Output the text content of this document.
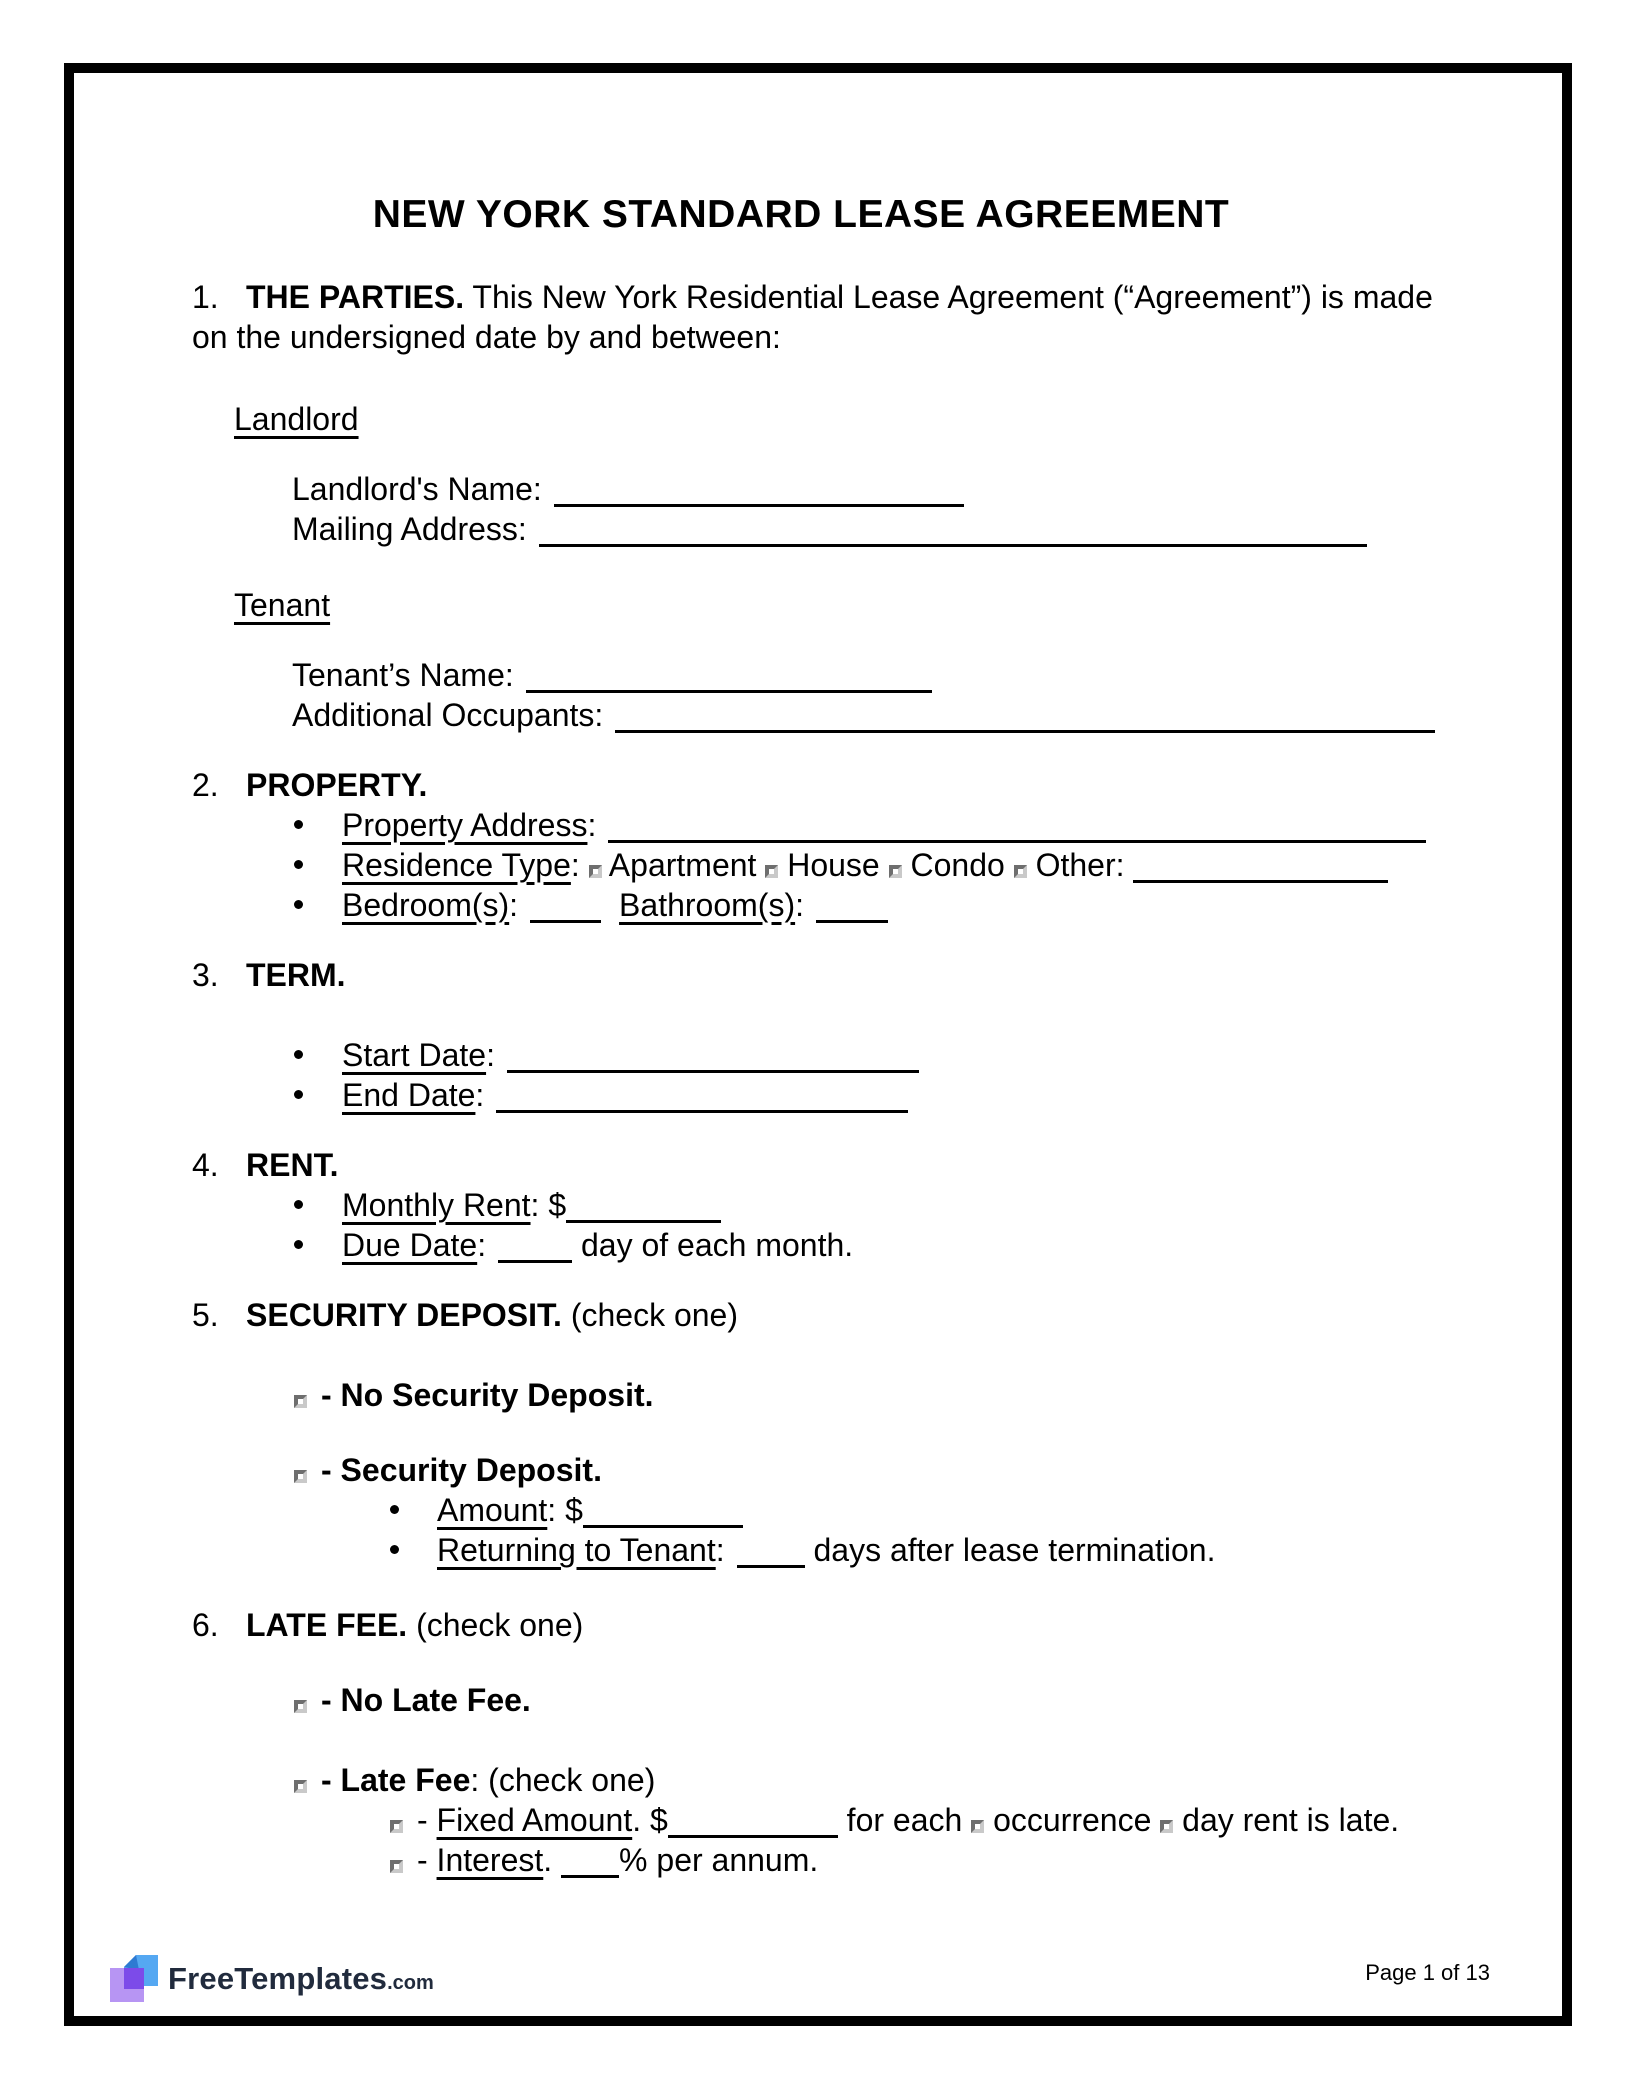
NEW YORK STANDARD LEASE AGREEMENT

1. THE PARTIES. This New York Residential Lease Agreement (“Agreement”) is made on the undersigned date by and between:

Landlord
Landlord's Name:
Mailing Address:
Tenant
Tenant’s Name:
Additional Occupants:

2. PROPERTY.

Property Address:
Residence Type:  Apartment  House  Condo  Other:
Bedroom(s):	Bathroom(s):

3. TERM.

Start Date:
End Date:

4. RENT.

Monthly Rent: $
Due Date:	day of each month.

5. SECURITY DEPOSIT. (check one)

- No Security Deposit.
- Security Deposit.
Amount: $
Returning to Tenant:	days after lease termination.

6. LATE FEE. (check one)

- No Late Fee.
- Late Fee: (check one)
- Fixed Amount. $	for each  occurrence  day rent is late.
- Interest. % per annum.
FreeTemplates .com	Page 1 of 13
